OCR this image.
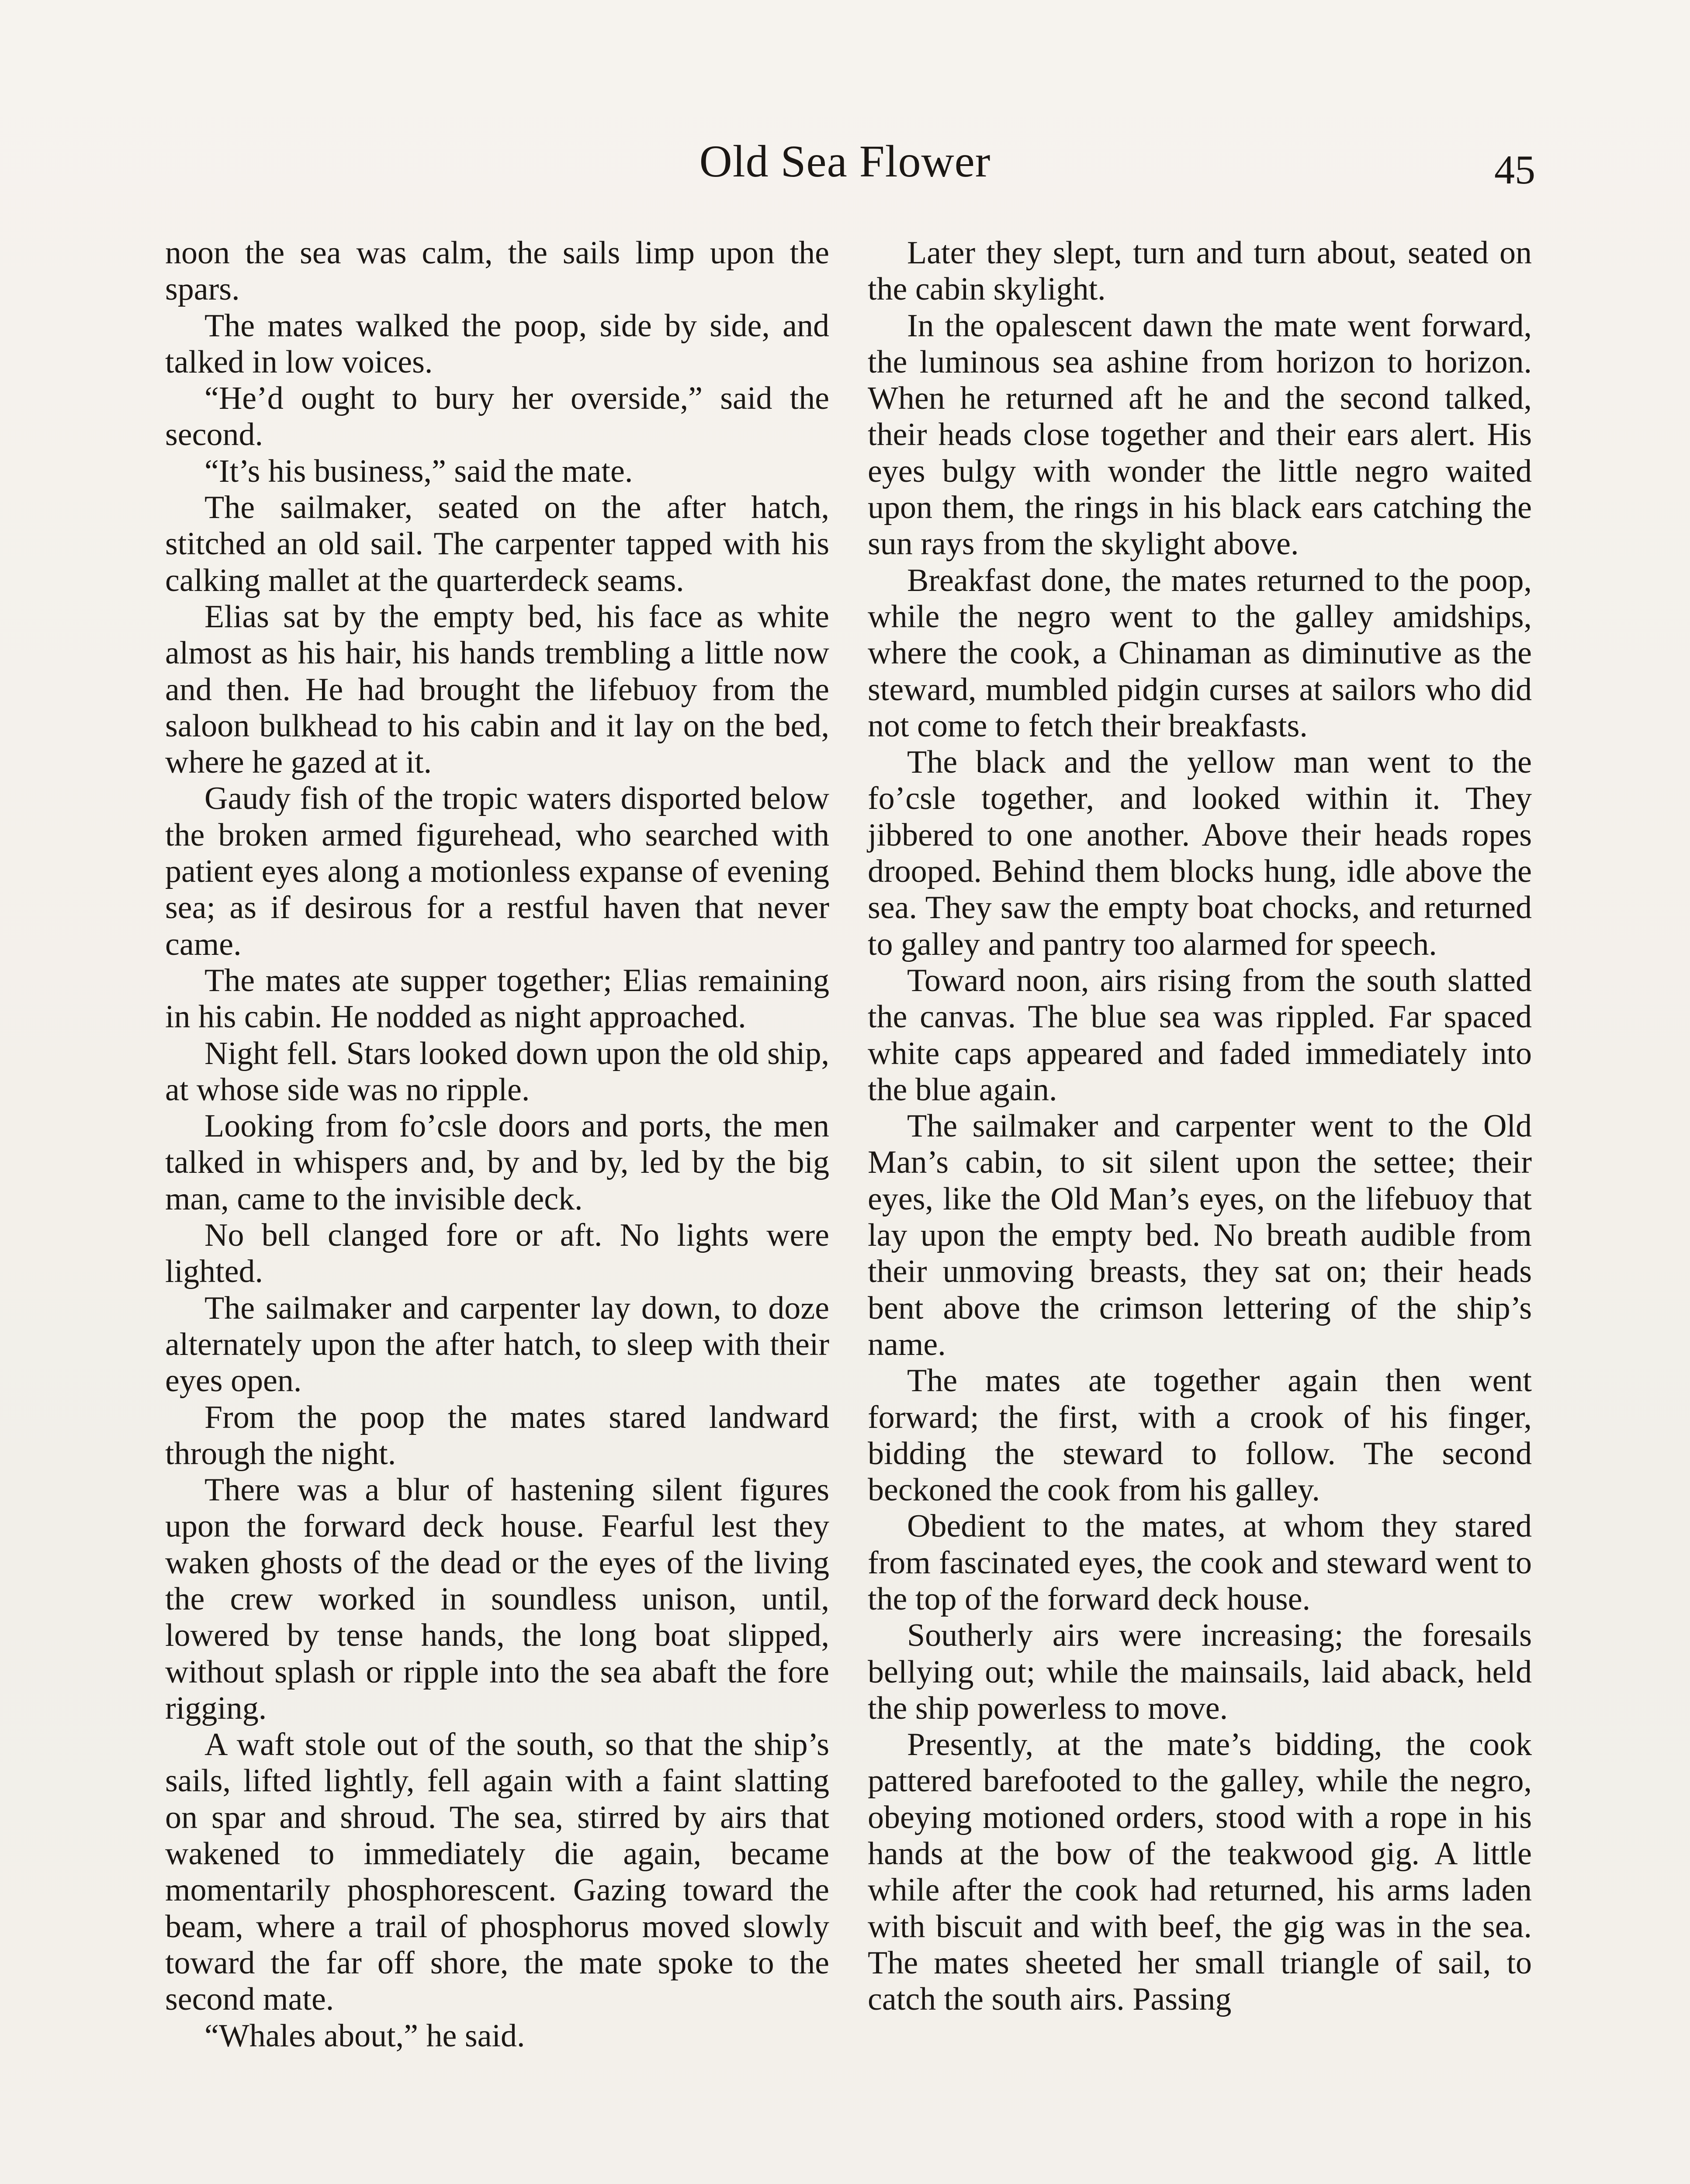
Old Sea Flower	45

noon the sea was calm, the sails limp upon the spars.

The mates walked the poop, side by side, and talked in low voices.

“He’d ought to bury her overside,” said the second.

“It’s his business,” said the mate.

The sailmaker, seated on the after hatch, stitched an old sail. The carpenter tapped with his calking mallet at the quarterdeck seams.

Elias sat by the empty bed, his face as white almost as his hair, his hands trembling a little now and then. He had brought the lifebuoy from the saloon bulkhead to his cabin and it lay on the bed, where he gazed at it.

Gaudy fish of the tropic waters disported below the broken armed figurehead, who searched with patient eyes along a motionless expanse of evening sea; as if desirous for a restful haven that never came.

The mates ate supper together; Elias remaining in his cabin. He nodded as night approached.

Night fell. Stars looked down upon the old ship, at whose side was no ripple.

Looking from fo’csle doors and ports, the men talked in whispers and, by and by, led by the big man, came to the invisible deck.

No bell clanged fore or aft. No lights were lighted.

The sailmaker and carpenter lay down, to doze alternately upon the after hatch, to sleep with their eyes open.

From the poop the mates stared landward through the night.

There was a blur of hastening silent figures upon the forward deck house. Fearful lest they waken ghosts of the dead or the eyes of the living the crew worked in soundless unison, until, lowered by tense hands, the long boat slipped, without splash or ripple into the sea abaft the fore rigging.

A waft stole out of the south, so that the ship’s sails, lifted lightly, fell again with a faint slatting on spar and shroud. The sea, stirred by airs that wakened to immediately die again, became momentarily phosphorescent. Gazing toward the beam, where a trail of phosphorus moved slowly toward the far off shore, the mate spoke to the second mate.

“Whales about,” he said.

Later they slept, turn and turn about, seated on the cabin skylight.

In the opalescent dawn the mate went forward, the luminous sea ashine from horizon to horizon. When he returned aft he and the second talked, their heads close together and their ears alert. His eyes bulgy with wonder the little negro waited upon them, the rings in his black ears catching the sun rays from the skylight above.

Breakfast done, the mates returned to the poop, while the negro went to the galley amidships, where the cook, a Chinaman as diminutive as the steward, mumbled pidgin curses at sailors who did not come to fetch their breakfasts.

The black and the yellow man went to the fo’csle together, and looked within it. They jibbered to one another. Above their heads ropes drooped. Behind them blocks hung, idle above the sea. They saw the empty boat chocks, and returned to galley and pantry too alarmed for speech.

Toward noon, airs rising from the south slatted the canvas. The blue sea was rippled. Far spaced white caps appeared and faded immediately into the blue again.

The sailmaker and carpenter went to the Old Man’s cabin, to sit silent upon the settee; their eyes, like the Old Man’s eyes, on the lifebuoy that lay upon the empty bed. No breath audible from their unmoving breasts, they sat on; their heads bent above the crimson lettering of the ship’s name.

The mates ate together again then went forward; the first, with a crook of his finger, bidding the steward to follow. The second beckoned the cook from his galley.

Obedient to the mates, at whom they stared from fascinated eyes, the cook and steward went to the top of the forward deck house.

Southerly airs were increasing; the foresails bellying out; while the mainsails, laid aback, held the ship powerless to move.

Presently, at the mate’s bidding, the cook pattered barefooted to the galley, while the negro, obeying motioned orders, stood with a rope in his hands at the bow of the teakwood gig. A little while after the cook had returned, his arms laden with biscuit and with beef, the gig was in the sea. The mates sheeted her small triangle of sail, to catch the south airs. Passing
